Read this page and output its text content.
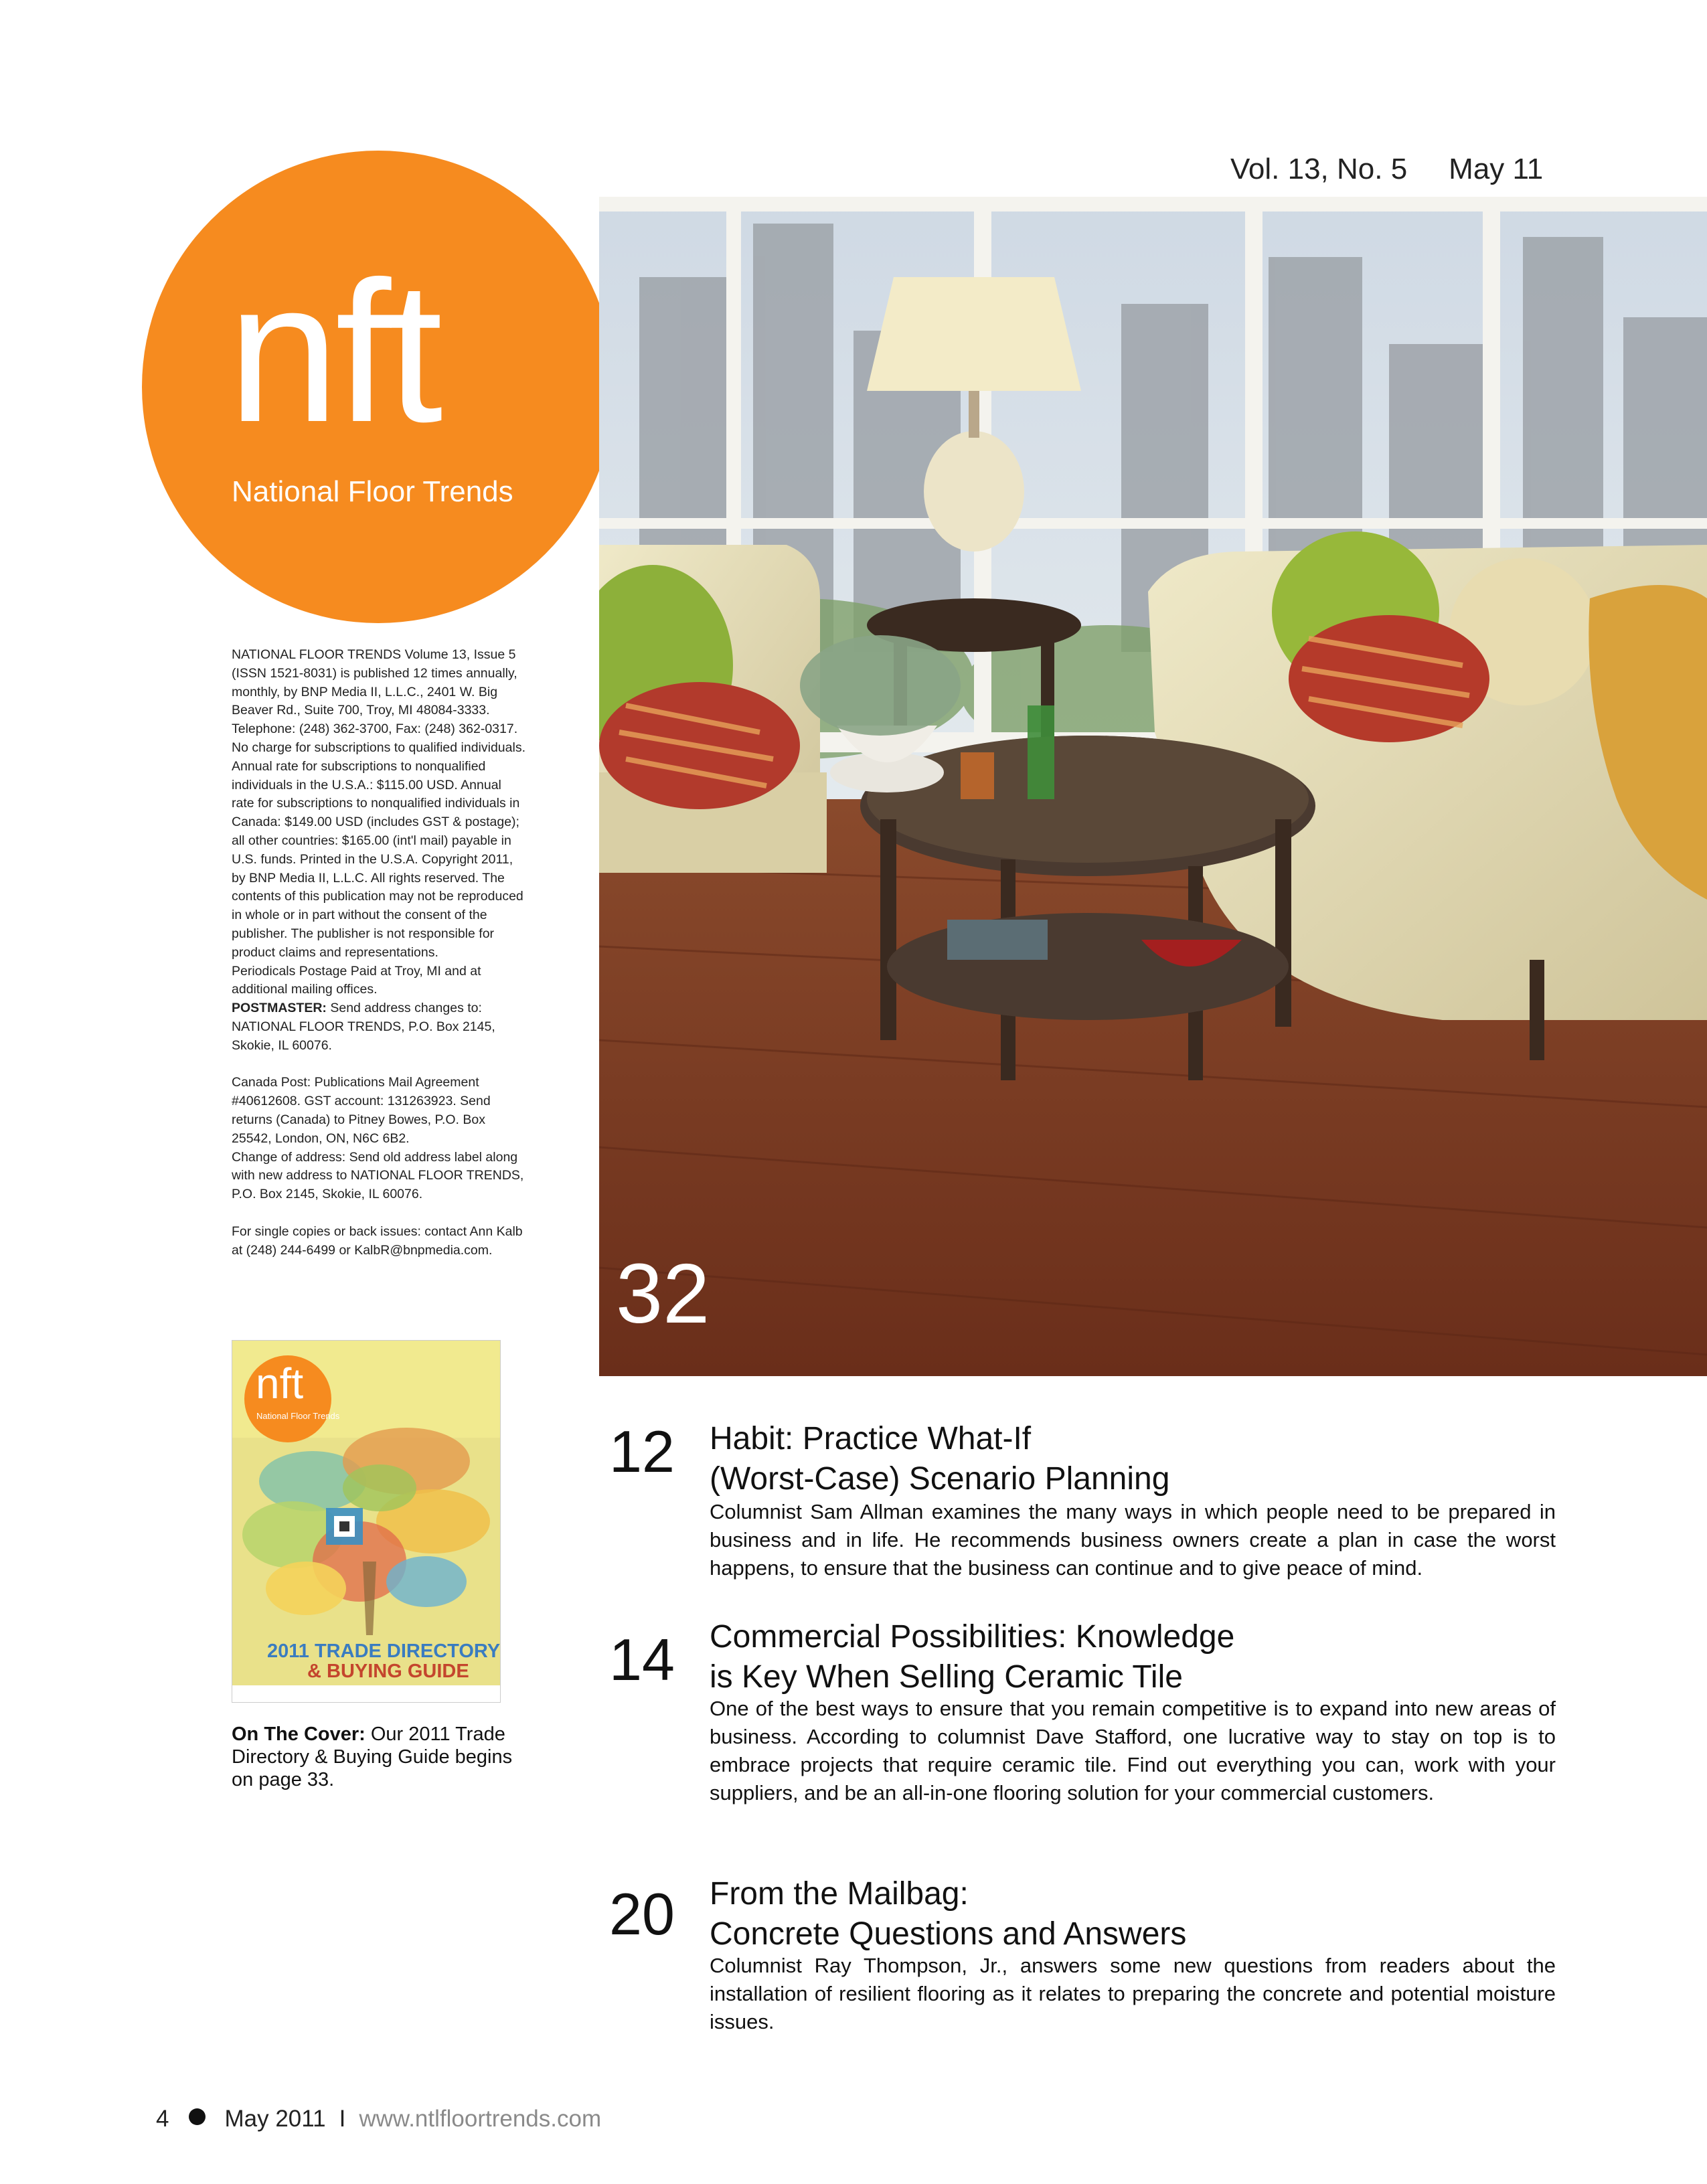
Vol. 13, No. 5 May 11
nft
National Floor Trends

NATIONAL FLOOR TRENDS Volume 13, Issue 5 (ISSN 1521-8031) is published 12 times annually, monthly, by BNP Media II, L.L.C., 2401 W. Big Beaver Rd., Suite 700, Troy, MI 48084-3333. Telephone: (248) 362-3700, Fax: (248) 362-0317. No charge for subscriptions to qualified individuals. Annual rate for subscriptions to nonqualified individuals in the U.S.A.: $115.00 USD. Annual rate for subscriptions to nonqualified individuals in Canada: $149.00 USD (includes GST & postage); all other countries: $165.00 (int'l mail) payable in U.S. funds. Printed in the U.S.A. Copyright 2011, by BNP Media II, L.L.C. All rights reserved. The contents of this publication may not be reproduced in whole or in part without the consent of the publisher. The publisher is not responsible for product claims and representations.

Periodicals Postage Paid at Troy, MI and at additional mailing offices.

POSTMASTER: Send address changes to: NATIONAL FLOOR TRENDS, P.O. Box 2145, Skokie, IL 60076.

Canada Post: Publications Mail Agreement #40612608. GST account: 131263923. Send returns (Canada) to Pitney Bowes, P.O. Box 25542, London, ON, N6C 6B2.

Change of address: Send old address label along with new address to NATIONAL FLOOR TRENDS, P.O. Box 2145, Skokie, IL 60076.

For single copies or back issues: contact Ann Kalb at (248) 244-6499 or KalbR@bnpmedia.com.

nft
National Floor Trends
2011 TRADE DIRECTORY
& BUYING GUIDE
On The Cover: Our 2011 Trade Directory & Buying Guide begins on page 33.
32
12 Habit: Practice What-If
(Worst-Case) Scenario Planning

Columnist Sam Allman examines the many ways in which people need to be prepared in business and in life. He recommends business owners create a plan in case the worst happens, to ensure that the business can continue and to give peace of mind.

14 Commercial Possibilities: Knowledge
is Key When Selling Ceramic Tile

One of the best ways to ensure that you remain competitive is to expand into new areas of business. According to columnist Dave Stafford, one lucrative way to stay on top is to embrace projects that require ceramic tile. Find out everything you can, work with your suppliers, and be an all-in-one flooring solution for your commercial customers.

20 From the Mailbag:
Concrete Questions and Answers

Columnist Ray Thompson, Jr., answers some new questions from readers about the installation of resilient flooring as it relates to preparing the concrete and potential moisture issues.

4 May 2011 I www.ntlfloortrends.com
